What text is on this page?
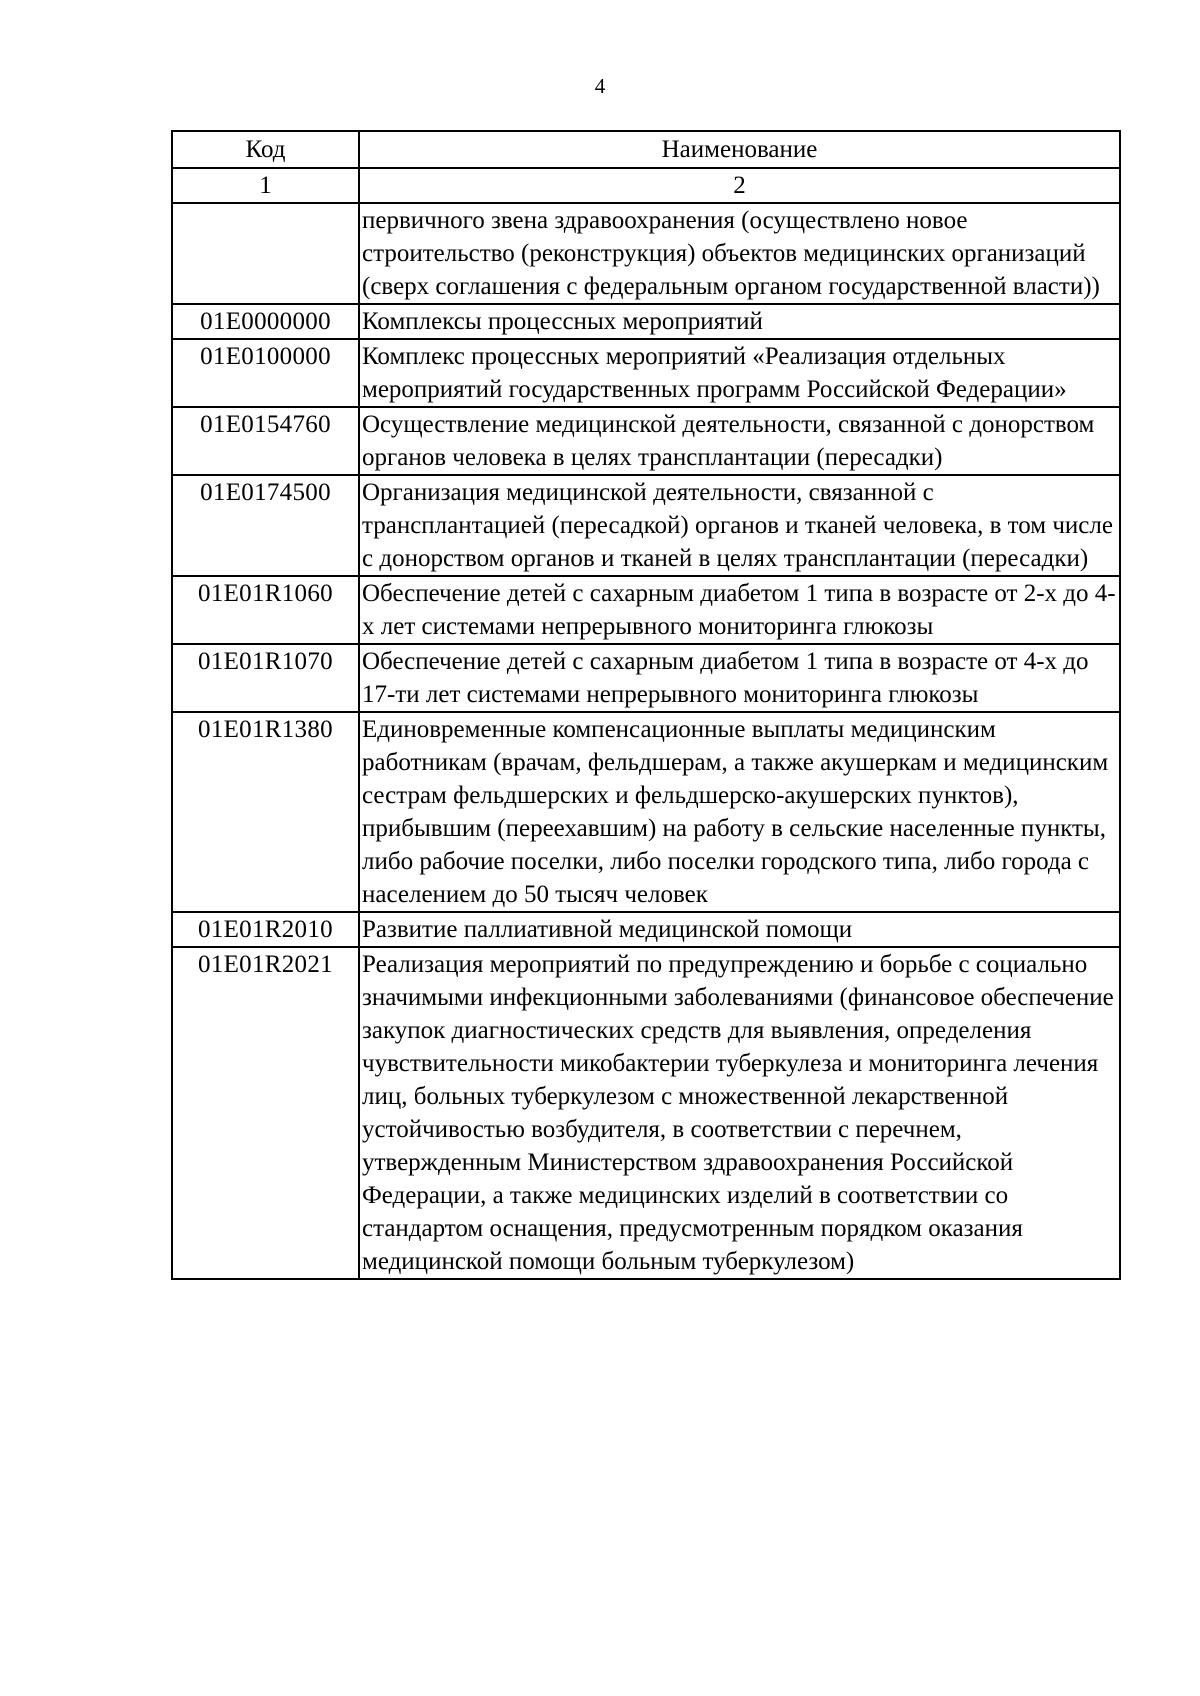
4
Код	Наименование
1	2
	первичного звена здравоохранения (осуществлено новое строительство (реконструкция) объектов медицинских организаций (сверх соглашения с федеральным органом государственной власти))
01Е0000000	Комплексы процессных мероприятий
01Е0100000	Комплекс процессных мероприятий «Реализация отдельных мероприятий государственных программ Российской Федерации»
01Е0154760	Осуществление медицинской деятельности, связанной с донорством органов человека в целях трансплантации (пересадки)
01Е0174500	Организация медицинской деятельности, связанной с трансплантацией (пересадкой) органов и тканей человека, в том числе с донорством органов и тканей в целях трансплантации (пересадки)
01Е01R1060	Обеспечение детей с сахарным диабетом 1 типа в возрасте от 2-х до 4-х лет системами непрерывного мониторинга глюкозы
01Е01R1070	Обеспечение детей с сахарным диабетом 1 типа в возрасте от 4-х до 17-ти лет системами непрерывного мониторинга глюкозы
01Е01R1380	Единовременные компенсационные выплаты медицинским работникам (врачам, фельдшерам, а также акушеркам и медицинским сестрам фельдшерских и фельдшерско-акушерских пунктов), прибывшим (переехавшим) на работу в сельские населенные пункты, либо рабочие поселки, либо поселки городского типа, либо города с населением до 50 тысяч человек
01Е01R2010	Развитие паллиативной медицинской помощи
01Е01R2021	Реализация мероприятий по предупреждению и борьбе с социально значимыми инфекционными заболеваниями (финансовое обеспечение закупок диагностических средств для выявления, определения чувствительности микобактерии туберкулеза и мониторинга лечения лиц, больных туберкулезом с множественной лекарственной устойчивостью возбудителя, в соответствии с перечнем, утвержденным Министерством здравоохранения Российской Федерации, а также медицинских изделий в соответствии со стандартом оснащения, предусмотренным порядком оказания медицинской помощи больным туберкулезом)
